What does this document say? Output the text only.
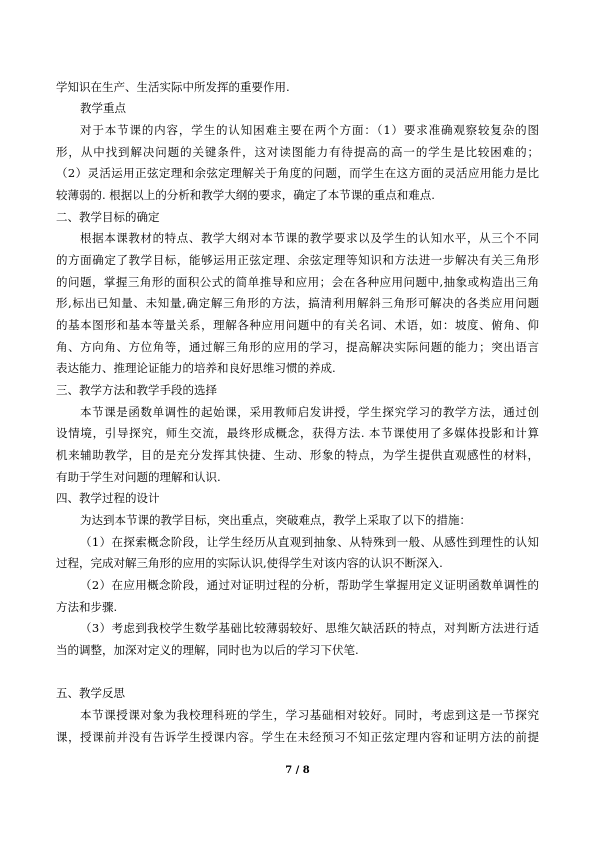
学知识在生产、生活实际中所发挥的重要作用.
教学重点
对于本节课的内容，学生的认知困难主要在两个方面：（1）要求准确观察较复杂的图
形，从中找到解决问题的关键条件，这对读图能力有待提高的高一的学生是比较困难的；
（2）灵活运用正弦定理和余弦定理解关于角度的问题，而学生在这方面的灵活应用能力是比
较薄弱的. 根据以上的分析和教学大纲的要求，确定了本节课的重点和难点.
二、教学目标的确定
根据本课教材的特点、教学大纲对本节课的教学要求以及学生的认知水平，从三个不同
的方面确定了教学目标，能够运用正弦定理、余弦定理等知识和方法进一步解决有关三角形
的问题，掌握三角形的面积公式的简单推导和应用；会在各种应用问题中,抽象或构造出三角
形,标出已知量、未知量,确定解三角形的方法，搞清利用解斜三角形可解决的各类应用问题
的基本图形和基本等量关系，理解各种应用问题中的有关名词、术语，如：坡度、俯角、仰
角、方向角、方位角等，通过解三角形的应用的学习，提高解决实际问题的能力；突出语言
表达能力、推理论证能力的培养和良好思维习惯的养成.
三、教学方法和教学手段的选择
本节课是函数单调性的起始课，采用教师启发讲授，学生探究学习的教学方法，通过创
设情境，引导探究，师生交流，最终形成概念，获得方法. 本节课使用了多媒体投影和计算
机来辅助教学，目的是充分发挥其快捷、生动、形象的特点，为学生提供直观感性的材料，
有助于学生对问题的理解和认识.
四、教学过程的设计
为达到本节课的教学目标，突出重点，突破难点，教学上采取了以下的措施：
（1）在探索概念阶段，让学生经历从直观到抽象、从特殊到一般、从感性到理性的认知
过程，完成对解三角形的应用的实际认识,使得学生对该内容的认识不断深入.
（2）在应用概念阶段，通过对证明过程的分析，帮助学生掌握用定义证明函数单调性的
方法和步骤.
（3）考虑到我校学生数学基础比较薄弱较好、思维欠缺活跃的特点，对判断方法进行适
当的调整，加深对定义的理解，同时也为以后的学习下伏笔.
五、教学反思
本节课授课对象为我校理科班的学生，学习基础相对较好。同时，考虑到这是一节探究
课，授课前并没有告诉学生授课内容。学生在未经预习不知正弦定理内容和证明方法的前提
7 / 8
